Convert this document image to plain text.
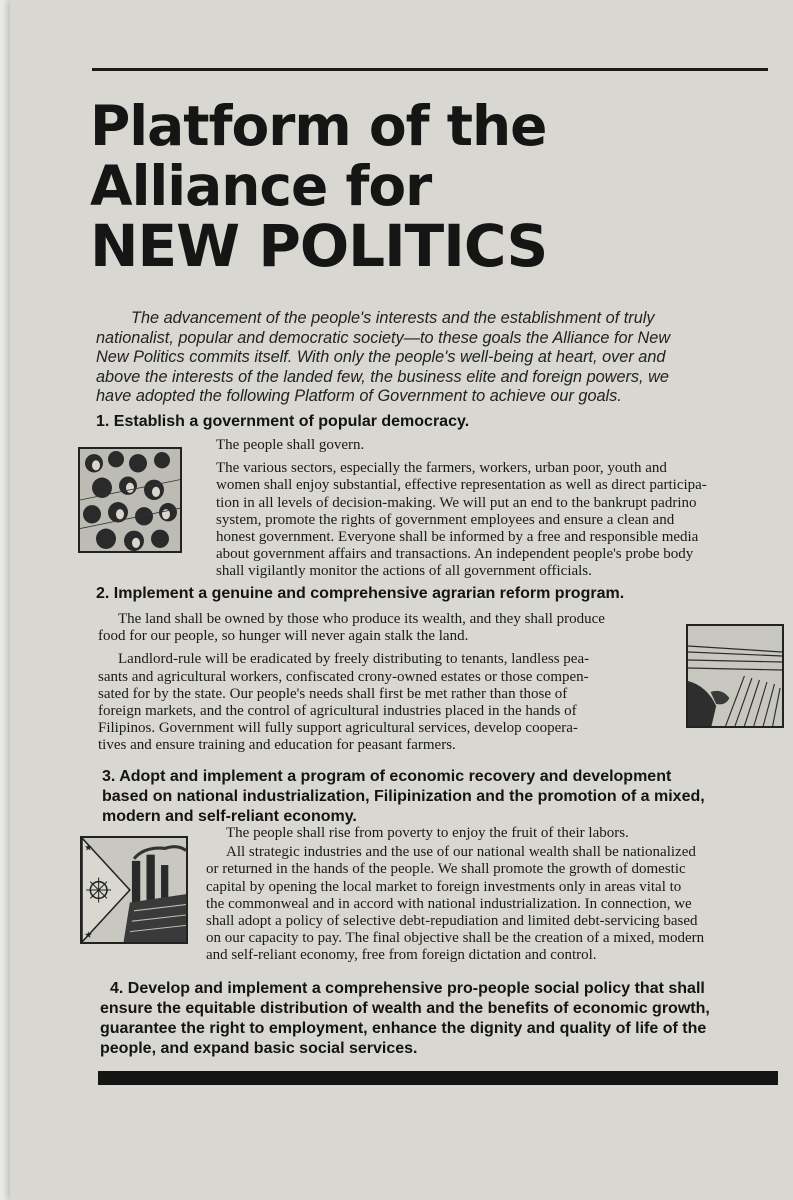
Platform of the
Alliance for
NEW POLITICS
The advancement of the people's interests and the establishment of truly
nationalist, popular and democratic society—to these goals the Alliance for New
New Politics commits itself. With only the people's well-being at heart, over and
above the interests of the landed few, the business elite and foreign powers, we
have adopted the following Platform of Government to achieve our goals.
1. Establish a government of popular democracy.
The people shall govern.
The various sectors, especially the farmers, workers, urban poor, youth and
women shall enjoy substantial, effective representation as well as direct participa-
tion in all levels of decision-making. We will put an end to the bankrupt padrino
system, promote the rights of government employees and ensure a clean and
honest government. Everyone shall be informed by a free and responsible media
about government affairs and transactions. An independent people's probe body
shall vigilantly monitor the actions of all government officials.
2. Implement a genuine and comprehensive agrarian reform program.
The land shall be owned by those who produce its wealth, and they shall produce
food for our people, so hunger will never again stalk the land.
Landlord-rule will be eradicated by freely distributing to tenants, landless pea-
sants and agricultural workers, confiscated crony-owned estates or those compen-
sated for by the state. Our people's needs shall first be met rather than those of
foreign markets, and the control of agricultural industries placed in the hands of
Filipinos. Government will fully support agricultural services, develop coopera-
tives and ensure training and education for peasant farmers.
3. Adopt and implement a program of economic recovery and development
based on national industrialization, Filipinization and the promotion of a mixed,
modern and self-reliant economy.
★
★
The people shall rise from poverty to enjoy the fruit of their labors.
All strategic industries and the use of our national wealth shall be nationalized
or returned in the hands of the people. We shall promote the growth of domestic
capital by opening the local market to foreign investments only in areas vital to
the commonweal and in accord with national industrialization. In connection, we
shall adopt a policy of selective debt-repudiation and limited debt-servicing based
on our capacity to pay. The final objective shall be the creation of a mixed, modern
and self-reliant economy, free from foreign dictation and control.
4. Develop and implement a comprehensive pro-people social policy that shall
ensure the equitable distribution of wealth and the benefits of economic growth,
guarantee the right to employment, enhance the dignity and quality of life of the
people, and expand basic social services.
